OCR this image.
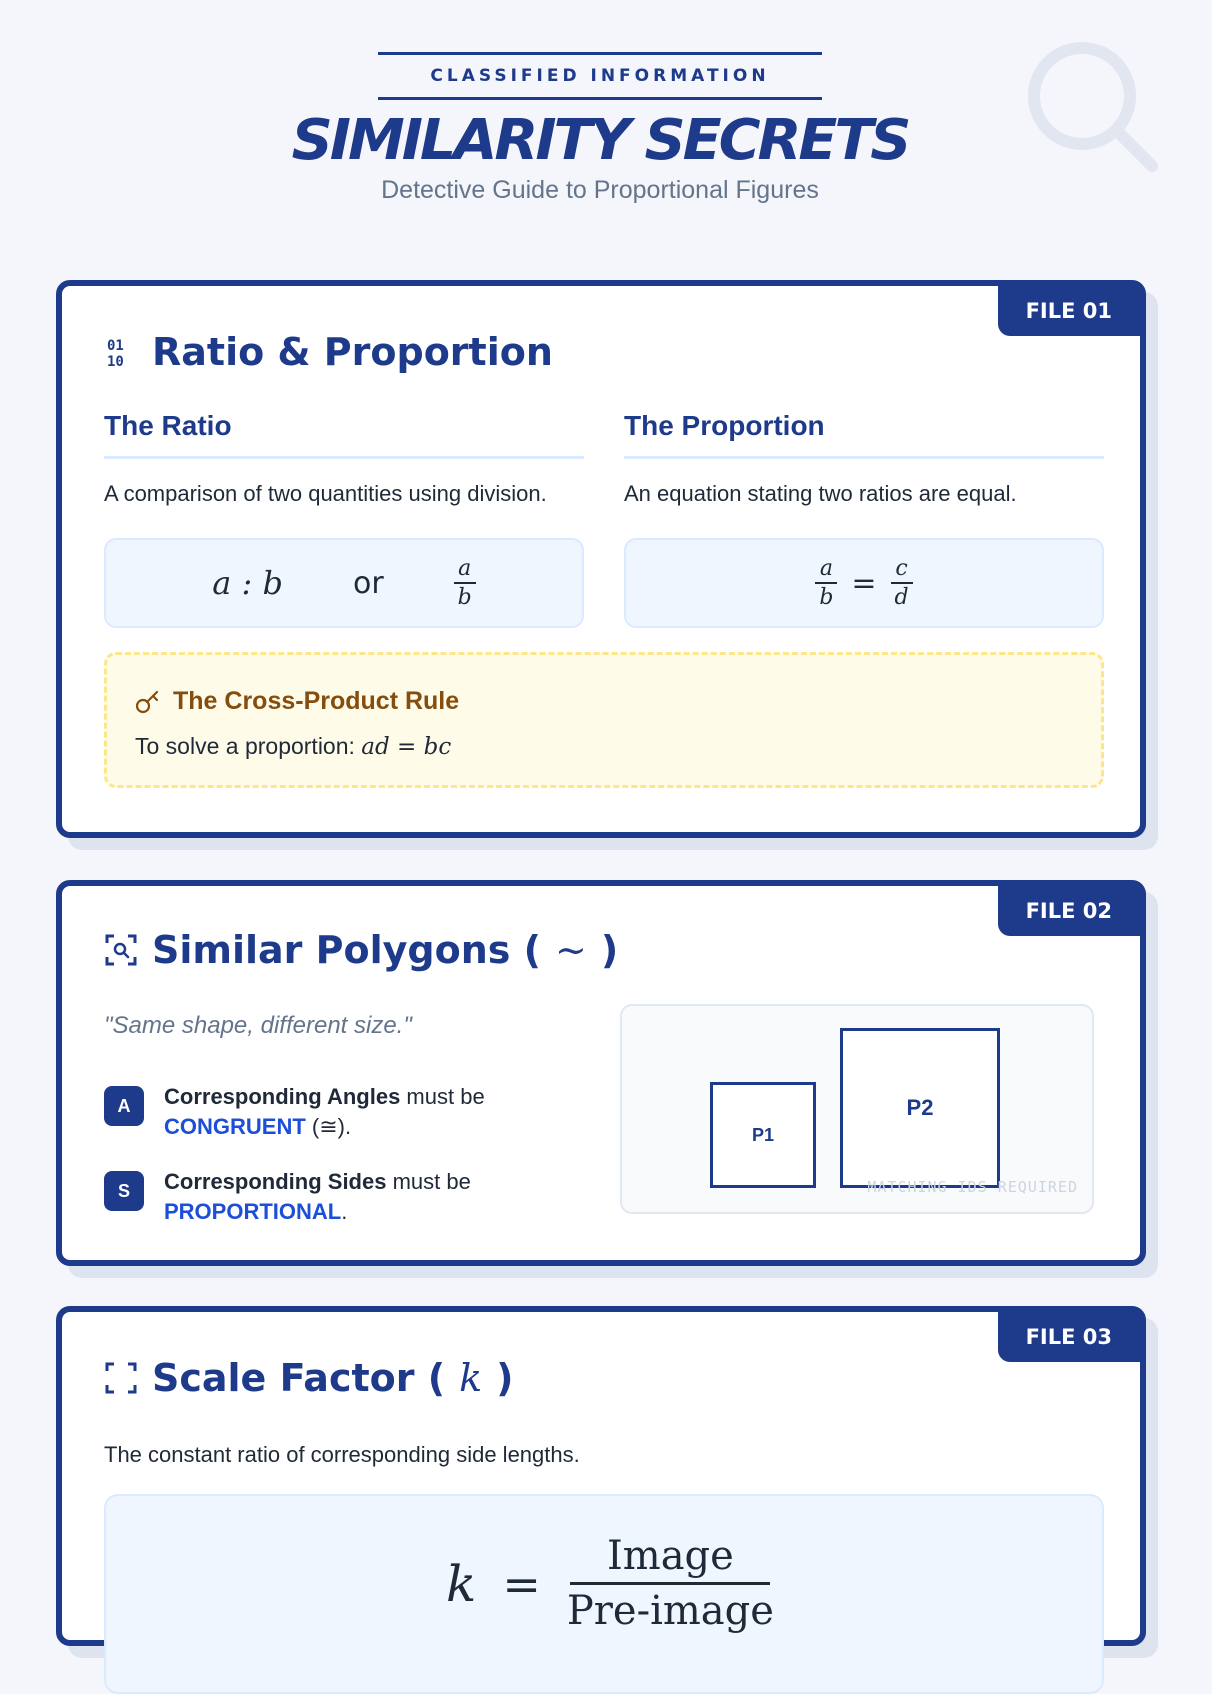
CLASSIFIED INFORMATION
SIMILARITY SECRETS
Detective Guide to Proportional Figures
FILE 01
01
10 Ratio & Proportion
The Ratio

A comparison of two quantities using division.

a : b or	$\frac{a}{b}$
The Proportion

An equation stating two ratios are equal.

$\frac{a}{b} = \frac{c}{d}$
The Cross-Product Rule
To solve a proportion: ad = bc
FILE 02
Similar Polygons ( ∼ )
"Same shape, different size."
A	Corresponding Angles must be
CONGRUENT (≅).
S	Corresponding Sides must be
PROPORTIONAL.
P1
P2
MATCHING IDS REQUIRED
FILE 03
Scale Factor ( k )
The constant ratio of corresponding side lengths.
k =
Image
Pre-image
